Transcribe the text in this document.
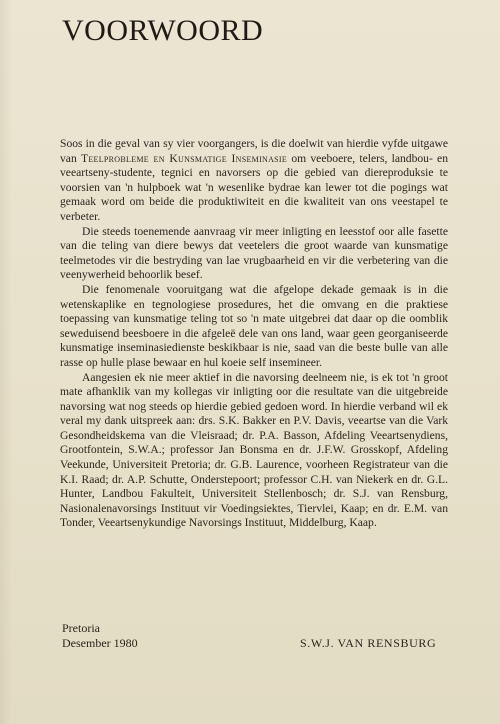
VOORWOORD

Soos in die geval van sy vier voorgangers, is die doelwit van hierdie vyfde uitgawe van Teelprobleme en Kunsmatige Inseminasie om veeboere, telers, landbou- en veeartseny-studente, tegnici en navorsers op die gebied van diereproduksie te voorsien van 'n hulpboek wat 'n wesenlike bydrae kan lewer tot die pogings wat gemaak word om beide die produktiwiteit en die kwaliteit van ons veestapel te verbeter.

Die steeds toenemende aanvraag vir meer inligting en leesstof oor alle fasette van die teling van diere bewys dat veetelers die groot waarde van kunsmatige teelmetodes vir die bestryding van lae vrugbaarheid en vir die verbetering van die veenywerheid behoorlik besef.

Die fenomenale vooruitgang wat die afgelope dekade gemaak is in die wetenskaplike en tegnologiese prosedures, het die omvang en die praktiese toepassing van kunsmatige teling tot so 'n mate uitgebrei dat daar op die oomblik seweduisend beesboere in die afgeleë dele van ons land, waar geen georganiseerde kunsmatige inseminasiedienste beskikbaar is nie, saad van die beste bulle van alle rasse op hulle plase bewaar en hul koeie self insemineer.

Aangesien ek nie meer aktief in die navorsing deelneem nie, is ek tot 'n groot mate afhanklik van my kollegas vir inligting oor die resultate van die uitgebreide navorsing wat nog steeds op hierdie gebied gedoen word. In hierdie verband wil ek veral my dank uitspreek aan: drs. S.K. Bakker en P.V. Davis, veeartse van die Vark Gesondheidskema van die Vleisraad; dr. P.A. Basson, Afdeling Veeartsenydiens, Grootfontein, S.W.A.; professor Jan Bonsma en dr. J.F.W. Grosskopf, Afdeling Veekunde, Universiteit Pretoria; dr. G.B. Laurence, voorheen Registrateur van die K.I. Raad; dr. A.P. Schutte, Onderstepoort; professor C.H. van Niekerk en dr. G.L. Hunter, Landbou Fakulteit, Universiteit Stellenbosch; dr. S.J. van Rensburg, Nasionalenavorsings Instituut vir Voedingsiektes, Tiervlei, Kaap; en dr. E.M. van Tonder, Veeartsenykundige Navorsings Instituut, Middelburg, Kaap.

Pretoria
Desember 1980	S.W.J. VAN RENSBURG
